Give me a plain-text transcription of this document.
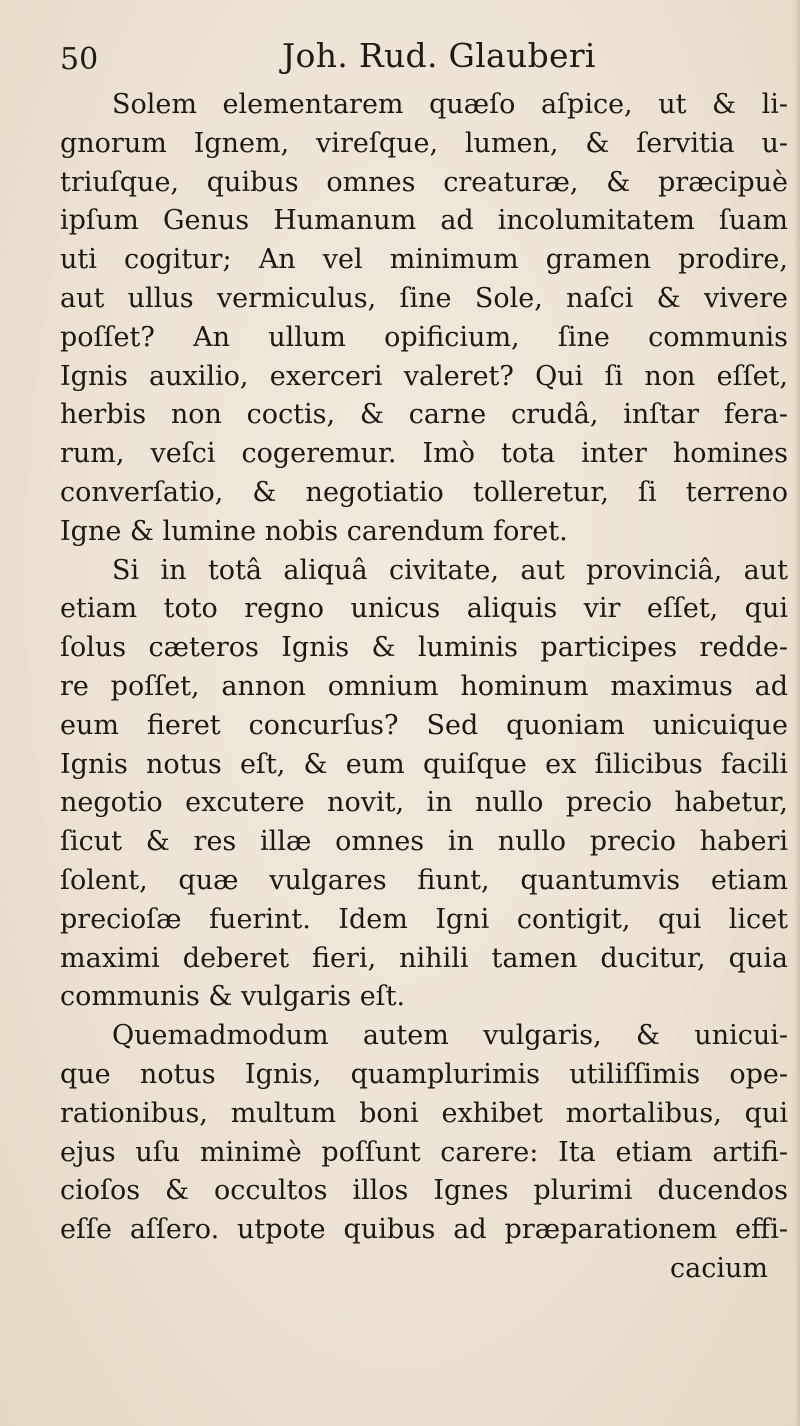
50	Joh. Rud. Glauberi
Solem elementarem quæſo aſpice, ut & li-
gnorum Ignem, vireſque, lumen, & ſervitia u-
triuſque, quibus omnes creaturæ, & præcipuè
ipſum Genus Humanum ad incolumitatem ſuam
uti cogitur; An vel minimum gramen prodire,
aut ullus vermiculus, ſine Sole, naſci & vivere
poſſet? An ullum opificium, ſine communis
Ignis auxilio, exerceri valeret? Qui ſi non eſſet,
herbis non coctis, & carne crudâ, inſtar fera-
rum, veſci cogeremur. Imò tota inter homines
converſatio, & negotiatio tolleretur, ſi terreno
Igne & lumine nobis carendum foret.
Si in totâ aliquâ civitate, aut provinciâ, aut
etiam toto regno unicus aliquis vir eſſet, qui
ſolus cæteros Ignis & luminis participes redde-
re poſſet, annon omnium hominum maximus ad
eum fieret concurſus? Sed quoniam unicuique
Ignis notus eſt, & eum quiſque ex ſilicibus facili
negotio excutere novit, in nullo precio habetur,
ſicut & res illæ omnes in nullo precio haberi
ſolent, quæ vulgares fiunt, quantumvis etiam
precioſæ fuerint. Idem Igni contigit, qui licet
maximi deberet fieri, nihili tamen ducitur, quia
communis & vulgaris eſt.
Quemadmodum autem vulgaris, & unicui-
que notus Ignis, quamplurimis utiliſſimis ope-
rationibus, multum boni exhibet mortalibus, qui
ejus uſu minimè poſſunt carere: Ita etiam artifi-
cioſos & occultos illos Ignes plurimi ducendos
eſſe aſſero. utpote quibus ad præparationem effi-
cacium
